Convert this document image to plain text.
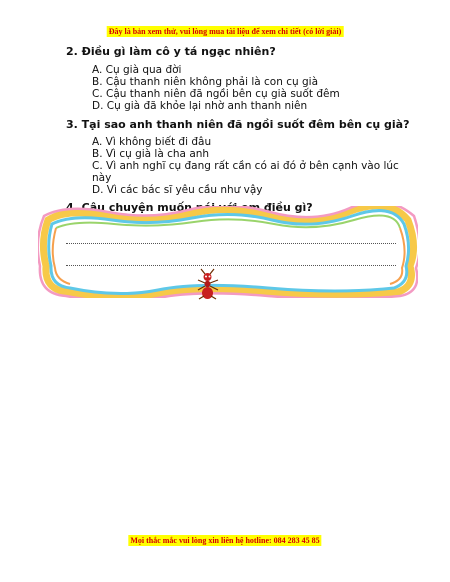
Đây là bản xem thử, vui lòng mua tài liệu để xem chi tiết (có lời giải)
2. Điều gì làm cô y tá ngạc nhiên?
A. Cụ già qua đời
B. Cậu thanh niên không phải là con cụ già
C. Cậu thanh niên đã ngồi bên cụ già suốt đêm
D. Cụ già đã khỏe lại nhờ anh thanh niên
3. Tại sao anh thanh niên đã ngồi suốt đêm bên cụ già?
A. Vì không biết đi đâu
B. Vì cụ già là cha anh
C. Vì anh nghĩ cụ đang rất cần có ai đó ở bên cạnh vào lúc này
D. Vì các bác sĩ yêu cầu như vậy
4. Câu chuyện muốn nói với em điều gì?
Mọi thắc mắc vui lòng xin liên hệ hotline: 084 283 45 85
